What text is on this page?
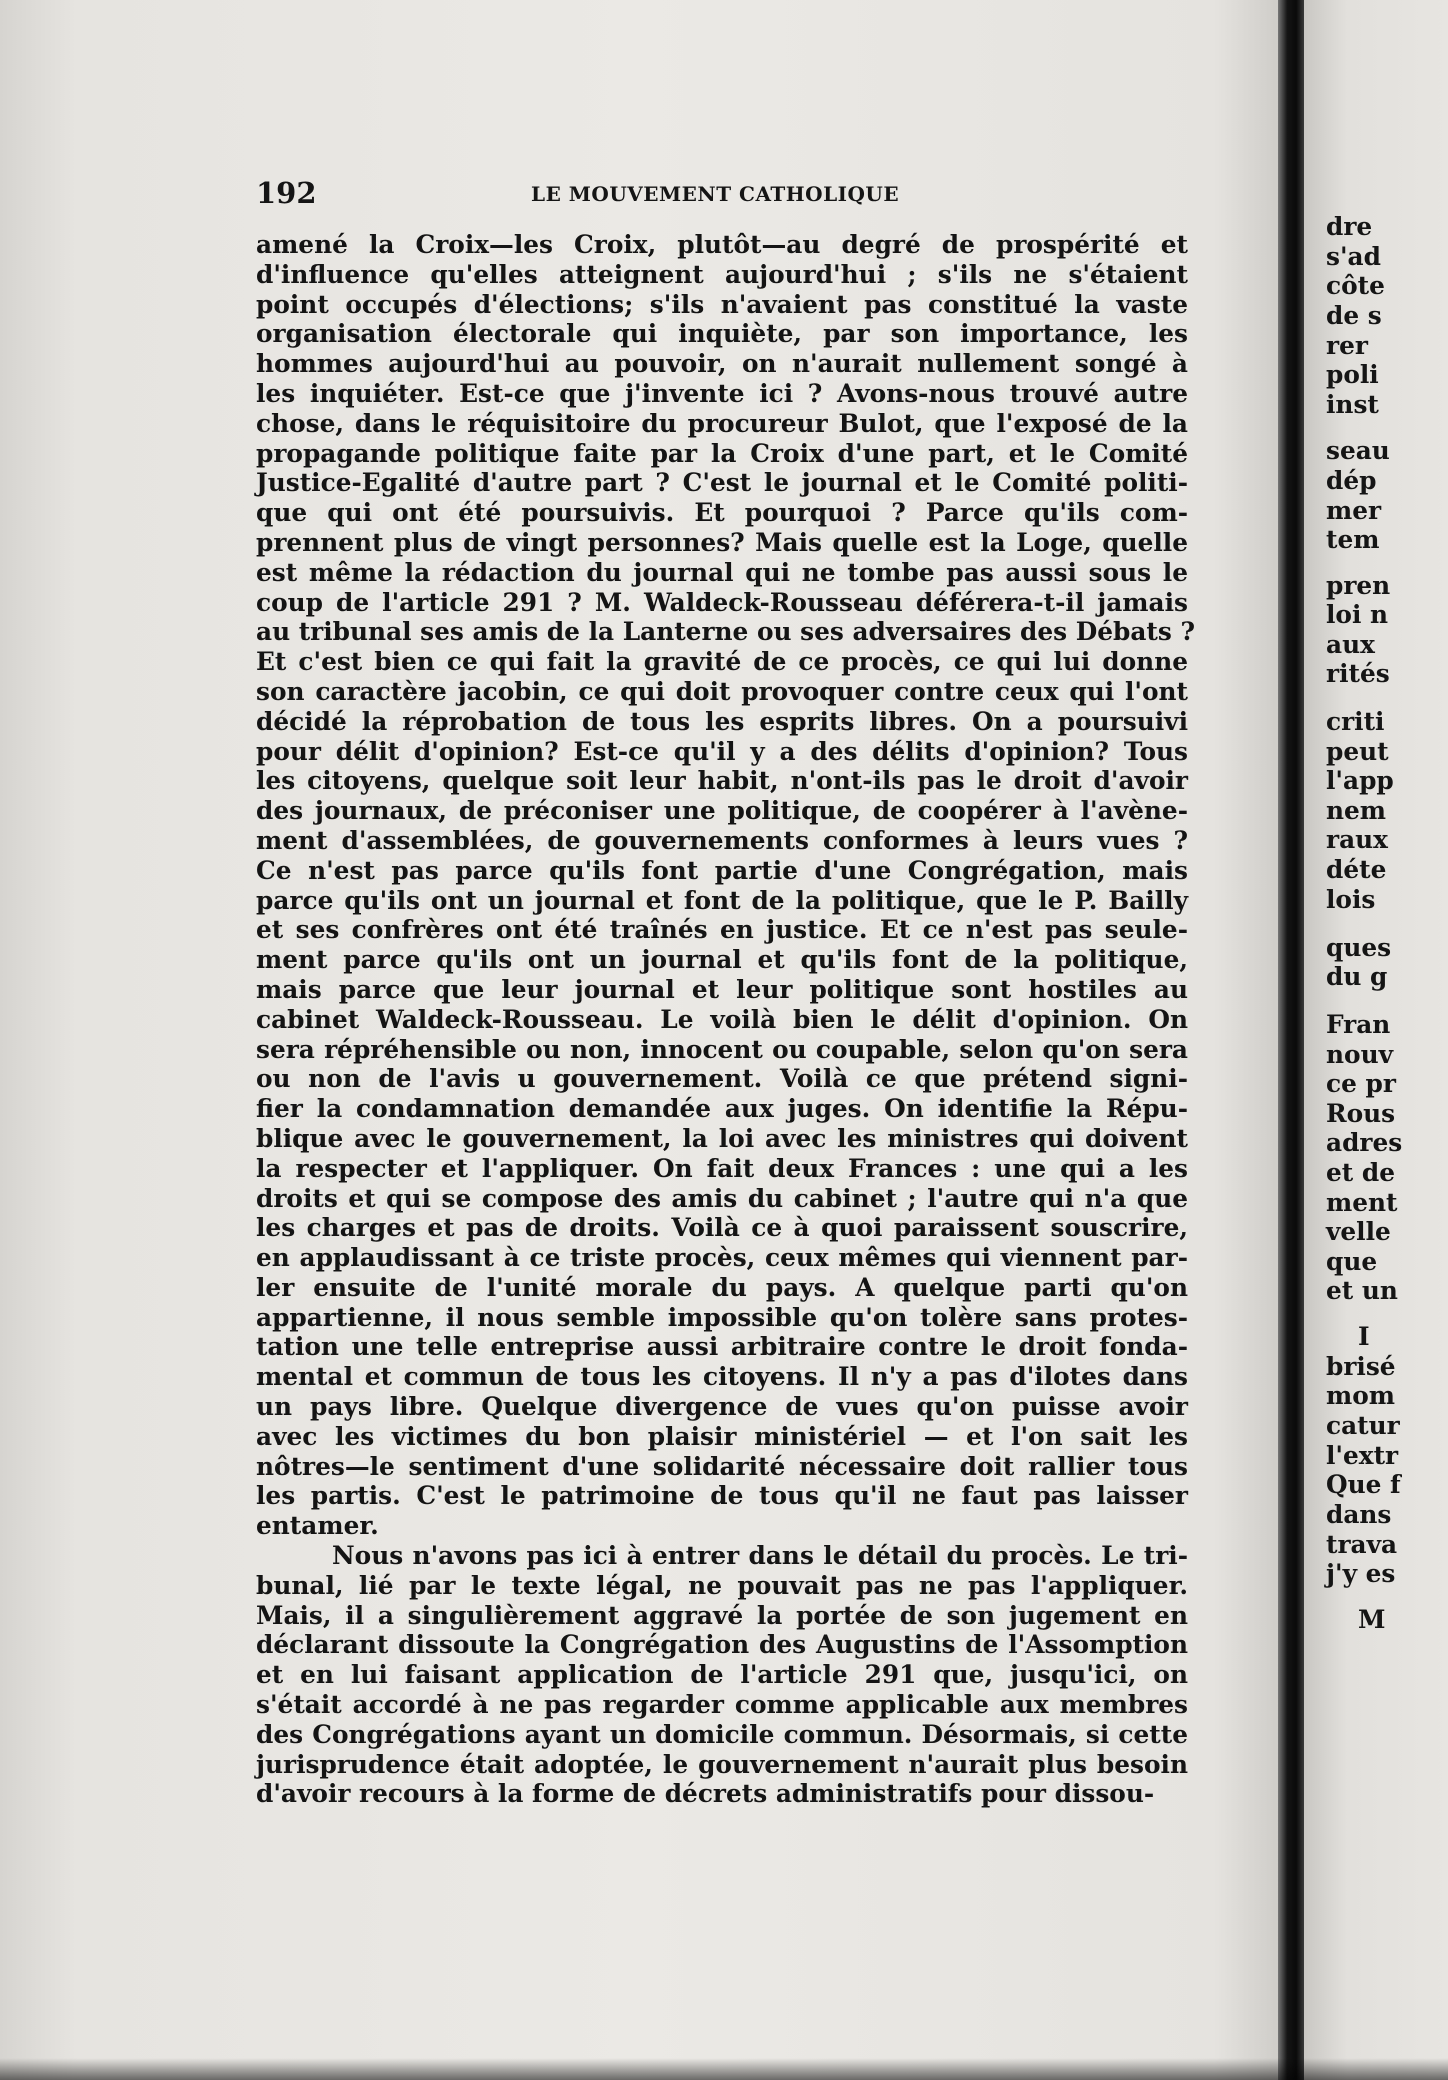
192	LE MOUVEMENT CATHOLIQUE
amené la Croix—les Croix, plutôt—au degré de prospérité et
d'influence qu'elles atteignent aujourd'hui ; s'ils ne s'étaient
point occupés d'élections; s'ils n'avaient pas constitué la vaste
organisation électorale qui inquiète, par son importance, les
hommes aujourd'hui au pouvoir, on n'aurait nullement songé à
les inquiéter. Est-ce que j'invente ici ? Avons-nous trouvé autre
chose, dans le réquisitoire du procureur Bulot, que l'exposé de la
propagande politique faite par la Croix d'une part, et le Comité
Justice-Egalité d'autre part ? C'est le journal et le Comité politi-
que qui ont été poursuivis. Et pourquoi ? Parce qu'ils com-
prennent plus de vingt personnes? Mais quelle est la Loge, quelle
est même la rédaction du journal qui ne tombe pas aussi sous le
coup de l'article 291 ? M. Waldeck-Rousseau déférera-t-il jamais
au tribunal ses amis de la Lanterne ou ses adversaires des Débats ?
Et c'est bien ce qui fait la gravité de ce procès, ce qui lui donne
son caractère jacobin, ce qui doit provoquer contre ceux qui l'ont
décidé la réprobation de tous les esprits libres. On a poursuivi
pour délit d'opinion? Est-ce qu'il y a des délits d'opinion? Tous
les citoyens, quelque soit leur habit, n'ont-ils pas le droit d'avoir
des journaux, de préconiser une politique, de coopérer à l'avène-
ment d'assemblées, de gouvernements conformes à leurs vues ?
Ce n'est pas parce qu'ils font partie d'une Congrégation, mais
parce qu'ils ont un journal et font de la politique, que le P. Bailly
et ses confrères ont été traînés en justice. Et ce n'est pas seule-
ment parce qu'ils ont un journal et qu'ils font de la politique,
mais parce que leur journal et leur politique sont hostiles au
cabinet Waldeck-Rousseau. Le voilà bien le délit d'opinion. On
sera répréhensible ou non, innocent ou coupable, selon qu'on sera
ou non de l'avis u gouvernement. Voilà ce que prétend signi-
fier la condamnation demandée aux juges. On identifie la Répu-
blique avec le gouvernement, la loi avec les ministres qui doivent
la respecter et l'appliquer. On fait deux Frances : une qui a les
droits et qui se compose des amis du cabinet ; l'autre qui n'a que
les charges et pas de droits. Voilà ce à quoi paraissent souscrire,
en applaudissant à ce triste procès, ceux mêmes qui viennent par-
ler ensuite de l'unité morale du pays. A quelque parti qu'on
appartienne, il nous semble impossible qu'on tolère sans protes-
tation une telle entreprise aussi arbitraire contre le droit fonda-
mental et commun de tous les citoyens. Il n'y a pas d'ilotes dans
un pays libre. Quelque divergence de vues qu'on puisse avoir
avec les victimes du bon plaisir ministériel — et l'on sait les
nôtres—le sentiment d'une solidarité nécessaire doit rallier tous
les partis. C'est le patrimoine de tous qu'il ne faut pas laisser
entamer.
Nous n'avons pas ici à entrer dans le détail du procès. Le tri-
bunal, lié par le texte légal, ne pouvait pas ne pas l'appliquer.
Mais, il a singulièrement aggravé la portée de son jugement en
déclarant dissoute la Congrégation des Augustins de l'Assomption
et en lui faisant application de l'article 291 que, jusqu'ici, on
s'était accordé à ne pas regarder comme applicable aux membres
des Congrégations ayant un domicile commun. Désormais, si cette
jurisprudence était adoptée, le gouvernement n'aurait plus besoin
d'avoir recours à la forme de décrets administratifs pour dissou-
dre
s'ad
côte
de s
rer
poli
inst
seau
dép
mer
tem
pren
loi n
aux
rités
criti
peut
l'app
nem
raux
déte
lois
ques
du g
Fran
nouv
ce pr
Rous
adres
et de
ment
velle
que
et un
I
brisé
mom
catur
l'extr
Que f
dans
trava
j'y es
M
